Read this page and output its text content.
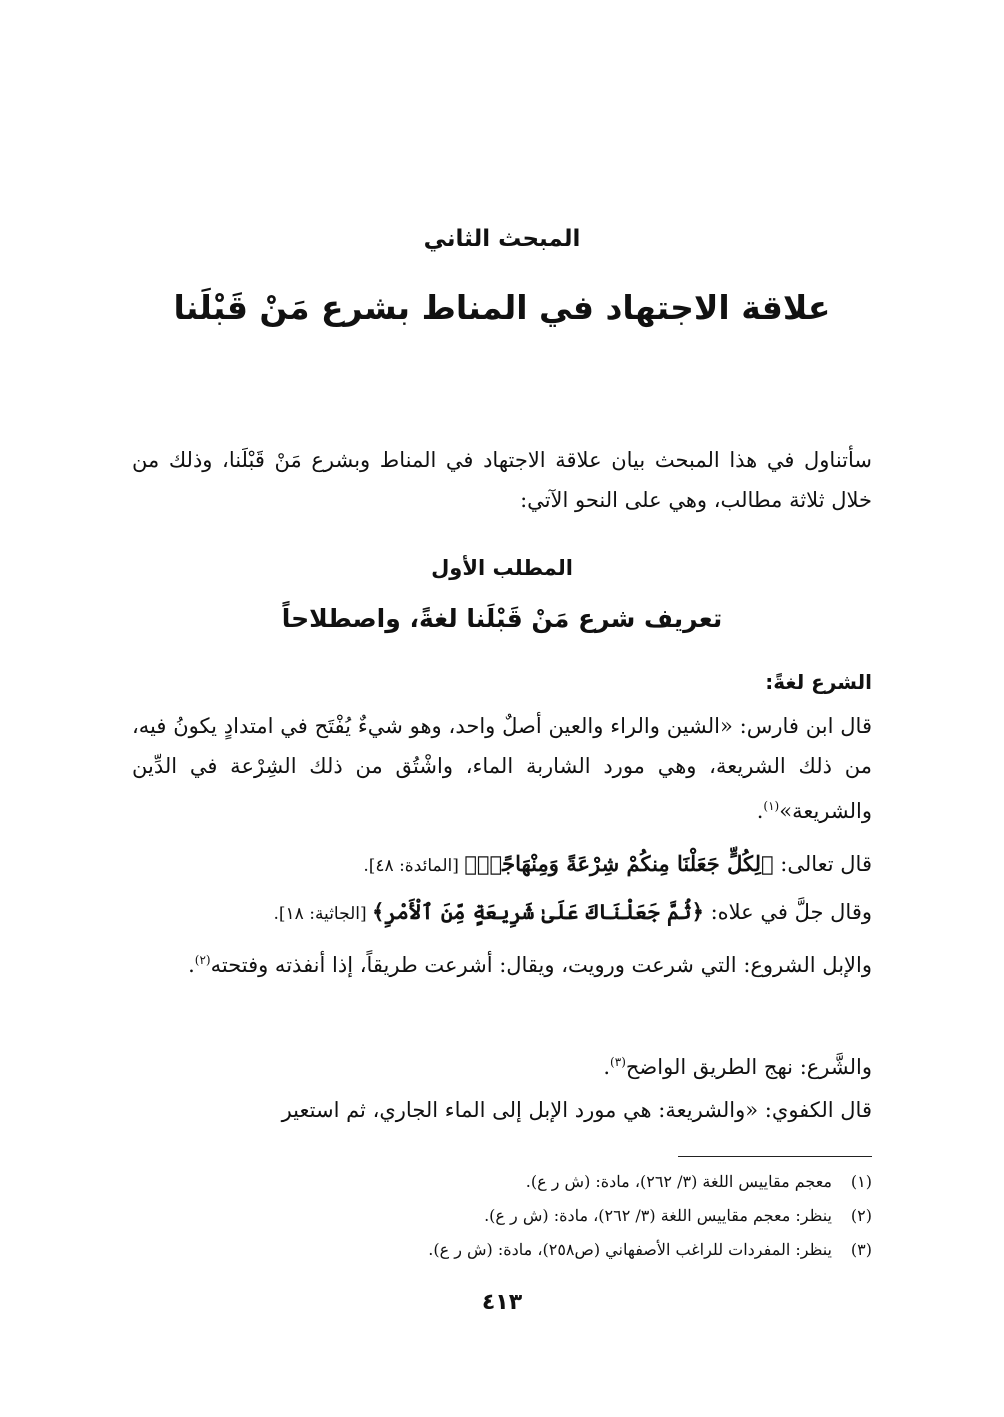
المبحث الثاني
علاقة الاجتهاد في المناط بشرع مَنْ قَبْلَنا
سأتناول في هذا المبحث بيان علاقة الاجتهاد في المناط وبشرع مَنْ قَبْلَنا، وذلك من خلال ثلاثة مطالب، وهي على النحو الآتي:
المطلب الأول
تعريف شرع مَنْ قَبْلَنا لغةً، واصطلاحاً
الشرع لغةً:
قال ابن فارس: «الشين والراء والعين أصلٌ واحد، وهو شيءٌ يُفْتَح في امتدادٍ يكونُ فيه، من ذلك الشريعة، وهي مورد الشاربة الماء، واشْتُق من ذلك الشِرْعة في الدِّين والشريعة»$^{(١)}$.
قال تعالى: ﴿لِكُلٍّ جَعَلْنَا مِنكُمْ شِرْعَةً وَمِنْهَاجًاۚ﴾ [المائدة: ٤٨].
وقال جلَّ في علاه: ﴿ثُمَّ جَعَلْنَاكَ عَلَىٰ شَرِيعَةٍ مِّنَ ٱلْأَمْرِ﴾ [الجاثية: ١٨].
والإبل الشروع: التي شرعت ورويت، ويقال: أشرعت طريقاً، إذا أنفذته وفتحته$^{(٢)}$.
والشَّرع: نهج الطريق الواضح$^{(٣)}$.
قال الكفوي: «والشريعة: هي مورد الإبل إلى الماء الجاري، ثم استعير
(١)معجم مقاييس اللغة (٣/ ٢٦٢)، مادة: (ش ر ع).
(٢)ينظر: معجم مقاييس اللغة (٣/ ٢٦٢)، مادة: (ش ر ع).
(٣)ينظر: المفردات للراغب الأصفهاني (ص٢٥٨)، مادة: (ش ر ع).
٤١٣
